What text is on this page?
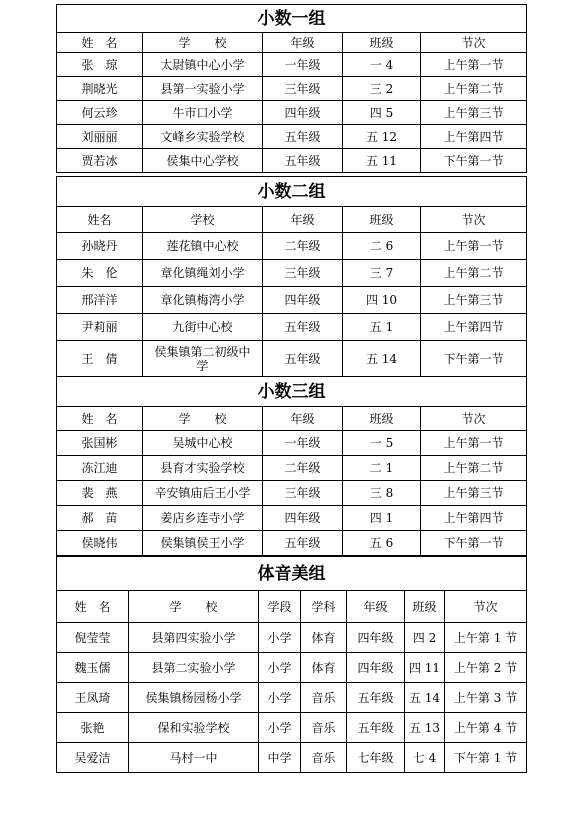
小数一组				
姓　名	学　　校	年级	班级	节次
张　琼	太尉镇中心小学	一年级	一 4	上午第一节
荆晓光	县第一实验小学	三年级	三 2	上午第二节
何云珍	牛市口小学	四年级	四 5	上午第三节
刘丽丽	文峰乡实验学校	五年级	五 12	上午第四节
贾若冰	侯集中心学校	五年级	五 11	下午第一节
小数二组				
姓名	学校	年级	班级	节次
孙晓丹	莲花镇中心校	二年级	二 6	上午第一节
朱　伦	章化镇绳刘小学	三年级	三 7	上午第二节
邢洋洋	章化镇梅湾小学	四年级	四 10	上午第三节
尹莉丽	九街中心校	五年级	五 1	上午第四节
王　倩	侯集镇第二初级中学	五年级	五 14	下午第一节
小数三组				
姓　名	学　　校	年级	班级	节次
张国彬	吴城中心校	一年级	一 5	上午第一节
冻江迪	县育才实验学校	二年级	二 1	上午第二节
裴　燕	辛安镇庙后王小学	三年级	三 8	上午第三节
郝　苗	姜店乡连寺小学	四年级	四 1	上午第四节
侯晓伟	侯集镇侯王小学	五年级	五 6	下午第一节
体音美组						
姓　名	学　　校	学段	学科	年级	班级	节次
倪莹莹	县第四实验小学	小学	体育	四年级	四 2	上午第 1 节
魏玉儒	县第二实验小学	小学	体育	四年级	四 11	上午第 2 节
王凤琦	侯集镇杨园杨小学	小学	音乐	五年级	五 14	上午第 3 节
张艳	保和实验学校	小学	音乐	五年级	五 13	上午第 4 节
吴爱洁	马村一中	中学	音乐	七年级	七 4	下午第 1 节
